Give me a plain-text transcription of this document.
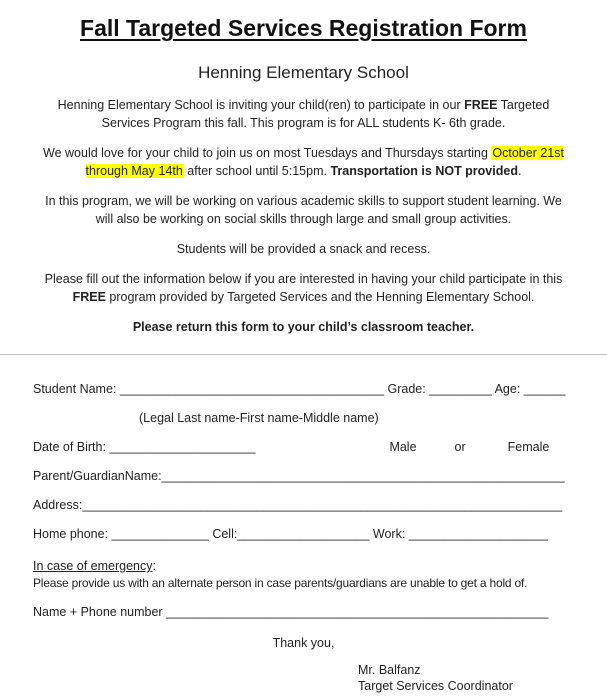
Fall Targeted Services Registration Form
Henning Elementary School

Henning Elementary School is inviting your child(ren) to participate in our FREE Targeted Services Program this fall. This program is for ALL students K- 6th grade.

We would love for your child to join us on most Tuesdays and Thursdays starting October 21st through May 14th after school until 5:15pm. Transportation is NOT provided.

In this program, we will be working on various academic skills to support student learning. We will also be working on social skills through large and small group activities.

Students will be provided a snack and recess.

Please fill out the information below if you are interested in having your child participate in this FREE program provided by Targeted Services and the Henning Elementary School.

Please return this form to your child’s classroom teacher.

Student Name: ______________________________________ Grade: _________ Age: ______

(Legal Last name-First name-Middle name)

Date of Birth: _____________________	Male	or	Female

Parent/GuardianName:__________________________________________________________

Address:_____________________________________________________________________

Home phone: ______________ Cell:___________________ Work: ____________________

In case of emergency:

Please provide us with an alternate person in case parents/guardians are unable to get a hold of.

Name + Phone number _______________________________________________________

Thank you,

Mr. Balfanz

Target Services Coordinator
